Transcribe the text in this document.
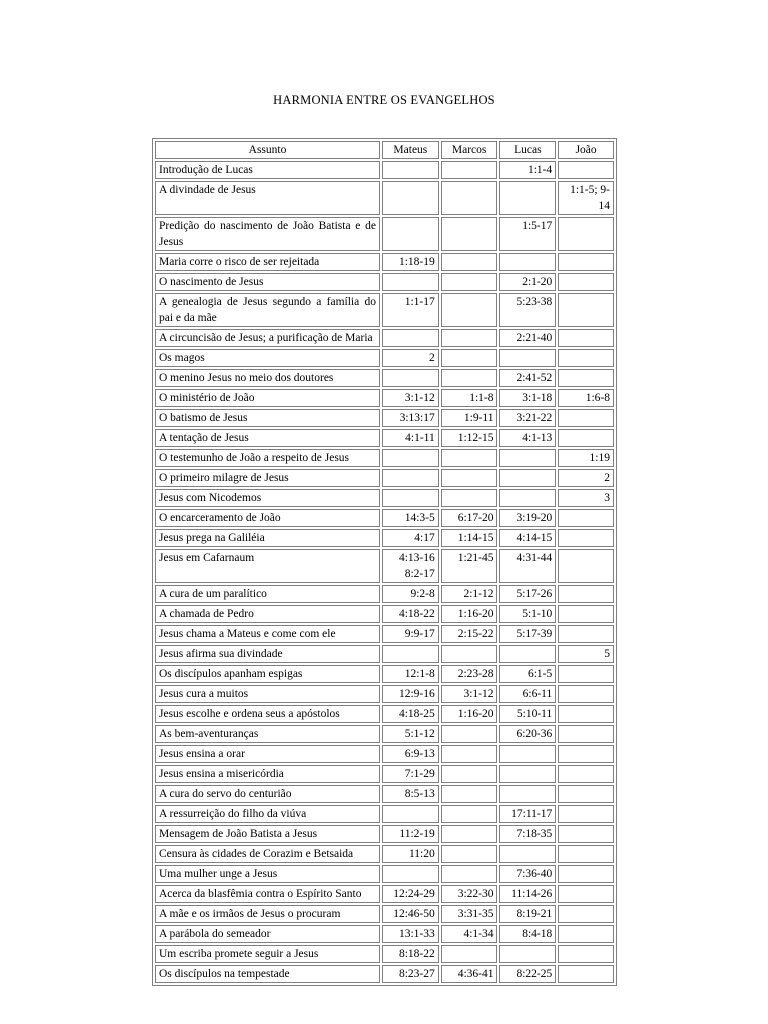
HARMONIA ENTRE OS EVANGELHOS
Assunto	Mateus	Marcos	Lucas	João
Introdução de Lucas			1:1-4	
A divindade de Jesus				1:1-5; 9-14
Predição do nascimento de João Batista e de Jesus			1:5-17	
Maria corre o risco de ser rejeitada	1:18-19			
O nascimento de Jesus			2:1-20	
A genealogia de Jesus segundo a família do pai e da mãe	1:1-17		5:23-38	
A circuncisão de Jesus; a purificação de Maria			2:21-40	
Os magos	2			
O menino Jesus no meio dos doutores			2:41-52	
O ministério de João	3:1-12	1:1-8	3:1-18	1:6-8
O batismo de Jesus	3:13:17	1:9-11	3:21-22	
A tentação de Jesus	4:1-11	1:12-15	4:1-13	
O testemunho de João a respeito de Jesus				1:19
O primeiro milagre de Jesus				2
Jesus com Nicodemos				3
O encarceramento de João	14:3-5	6:17-20	3:19-20	
Jesus prega na Galiléia	4:17	1:14-15	4:14-15	
Jesus em Cafarnaum	4:13-16 8:2-17	1:21-45	4:31-44	
A cura de um paralítico	9:2-8	2:1-12	5:17-26	
A chamada de Pedro	4:18-22	1:16-20	5:1-10	
Jesus chama a Mateus e come com ele	9:9-17	2:15-22	5:17-39	
Jesus afirma sua divindade				5
Os discípulos apanham espigas	12:1-8	2:23-28	6:1-5	
Jesus cura a muitos	12:9-16	3:1-12	6:6-11	
Jesus escolhe e ordena seus a apóstolos	4:18-25	1:16-20	5:10-11	
As bem-aventuranças	5:1-12		6:20-36	
Jesus ensina a orar	6:9-13			
Jesus ensina a misericórdia	7:1-29			
A cura do servo do centurião	8:5-13			
A ressurreição do filho da viúva			17:11-17	
Mensagem de João Batista a Jesus	11:2-19		7:18-35	
Censura às cidades de Corazim e Betsaida	11:20			
Uma mulher unge a Jesus			7:36-40	
Acerca da blasfêmia contra o Espírito Santo	12:24-29	3:22-30	11:14-26	
A mãe e os irmãos de Jesus o procuram	12:46-50	3:31-35	8:19-21	
A parábola do semeador	13:1-33	4:1-34	8:4-18	
Um escriba promete seguir a Jesus	8:18-22			
Os discípulos na tempestade	8:23-27	4:36-41	8:22-25	
